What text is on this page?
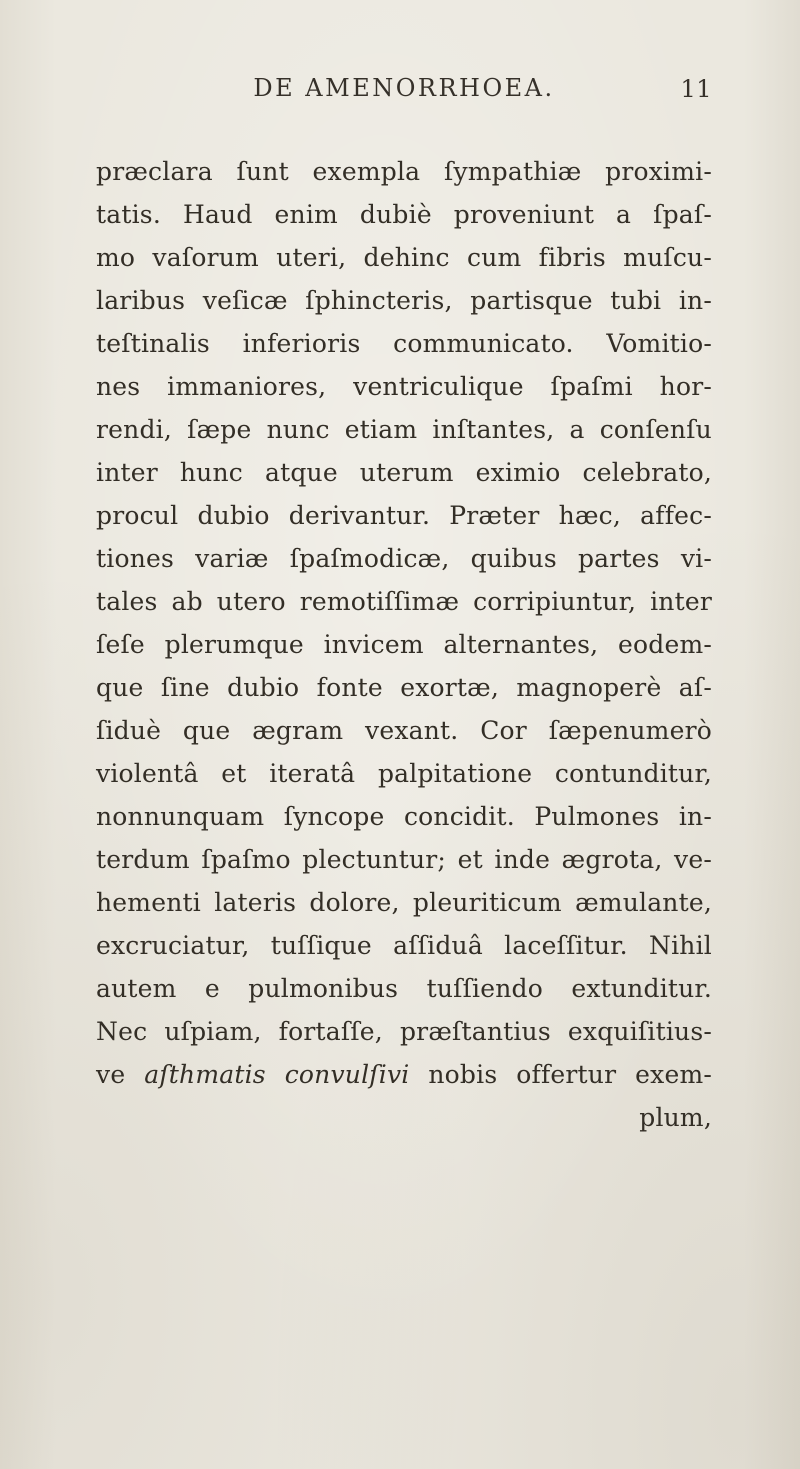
DE AMENORRHOEA.	11
præclara ſunt exempla ſympathiæ proximi-
tatis. Haud enim dubiè proveniunt a ſpaſ-
mo vaſorum uteri, dehinc cum fibris muſcu-
laribus veſicæ ſphincteris, partisque tubi in-
teſtinalis inferioris communicato. Vomitio-
nes immaniores, ventriculique ſpaſmi hor-
rendi, ſæpe nunc etiam inſtantes, a conſenſu
inter hunc atque uterum eximio celebrato,
procul dubio derivantur. Præter hæc, affec-
tiones variæ ſpaſmodicæ, quibus partes vi-
tales ab utero remotiſſimæ corripiuntur, inter
ſeſe plerumque invicem alternantes, eodem-
que ſine dubio fonte exortæ, magnoperè aſ-
ſiduè que ægram vexant. Cor ſæpenumerò
violentâ et iteratâ palpitatione contunditur,
nonnunquam ſyncope concidit. Pulmones in-
terdum ſpaſmo plectuntur; et inde ægrota, ve-
hementi lateris dolore, pleuriticum æmulante,
excruciatur, tuſſique aſſiduâ laceſſitur. Nihil
autem e pulmonibus tuſſiendo extunditur.
Nec uſpiam, fortaſſe, præſtantius exquiſitius-
ve aſthmatis convulſivi nobis offertur exem-
plum,
